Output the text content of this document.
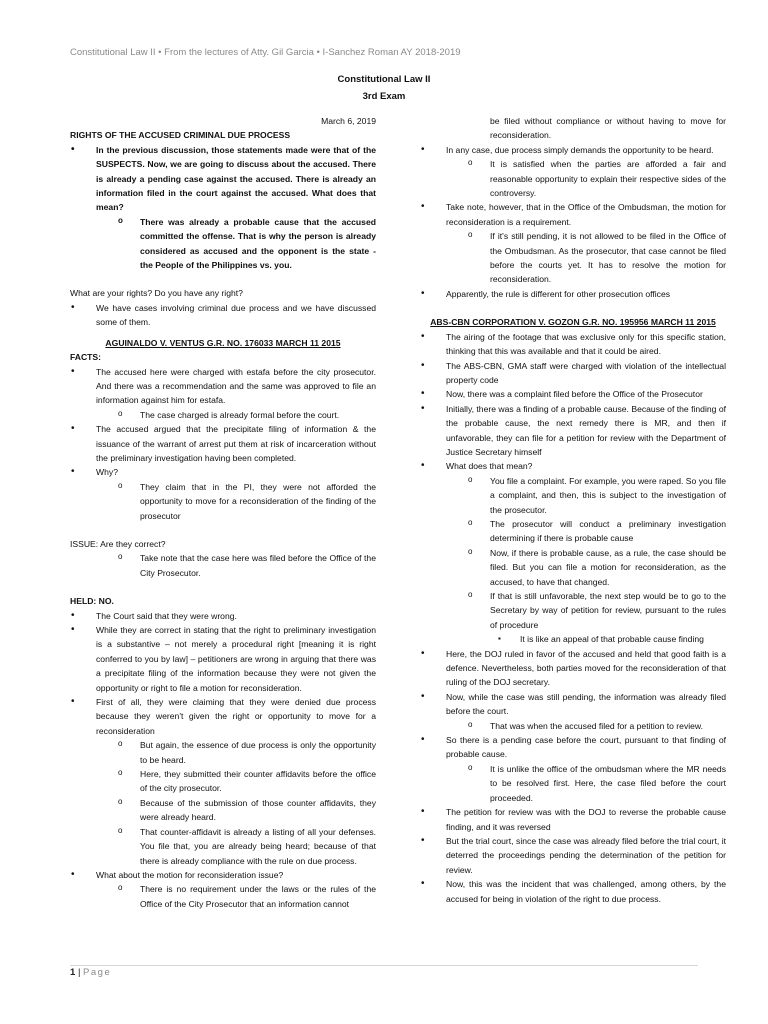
Constitutional Law II • From the lectures of Atty. Gil Garcia • I-Sanchez Roman AY 2018-2019
Constitutional Law II
3rd Exam

March 6, 2019

RIGHTS OF THE ACCUSED CRIMINAL DUE PROCESS

• In the previous discussion, those statements made were that of the SUSPECTS. Now, we are going to discuss about the accused. There is already a pending case against the accused. There is already an information filed in the court against the accused. What does that mean?

o There was already a probable cause that the accused committed the offense. That is why the person is already considered as accused and the opponent is the state - the People of the Philippines vs. you.

What are your rights? Do you have any right?

• We have cases involving criminal due process and we have discussed some of them.

AGUINALDO V. VENTUS G.R. NO. 176033 MARCH 11 2015

FACTS:

• The accused here were charged with estafa before the city prosecutor. And there was a recommendation and the same was approved to file an information against him for estafa.

o The case charged is already formal before the court.

• The accused argued that the precipitate filing of information & the issuance of the warrant of arrest put them at risk of incarceration without the preliminary investigation having been completed.

• Why?

o They claim that in the PI, they were not afforded the opportunity to move for a reconsideration of the finding of the prosecutor

ISSUE: Are they correct?

o Take note that the case here was filed before the Office of the City Prosecutor.

HELD: NO.

• The Court said that they were wrong.

• While they are correct in stating that the right to preliminary investigation is a substantive – not merely a procedural right [meaning it is right conferred to you by law] – petitioners are wrong in arguing that there was a precipitate filing of the information because they were not given the opportunity or right to file a motion for reconsideration.

• First of all, they were claiming that they were denied due process because they weren't given the right or opportunity to move for a reconsideration

o But again, the essence of due process is only the opportunity to be heard.

o Here, they submitted their counter affidavits before the office of the city prosecutor.

o Because of the submission of those counter affidavits, they were already heard.

o That counter-affidavit is already a listing of all your defenses. You file that, you are already being heard; because of that there is already compliance with the rule on due process.

• What about the motion for reconsideration issue?

o There is no requirement under the laws or the rules of the Office of the City Prosecutor that an information cannot

be filed without compliance or without having to move for reconsideration.

• In any case, due process simply demands the opportunity to be heard.

o It is satisfied when the parties are afforded a fair and reasonable opportunity to explain their respective sides of the controversy.

• Take note, however, that in the Office of the Ombudsman, the motion for reconsideration is a requirement.

o If it's still pending, it is not allowed to be filed in the Office of the Ombudsman. As the prosecutor, that case cannot be filed before the courts yet. It has to resolve the motion for reconsideration.

• Apparently, the rule is different for other prosecution offices

ABS-CBN CORPORATION V. GOZON G.R. NO. 195956 MARCH 11 2015

• The airing of the footage that was exclusive only for this specific station, thinking that this was available and that it could be aired.

• The ABS-CBN, GMA staff were charged with violation of the intellectual property code

• Now, there was a complaint filed before the Office of the Prosecutor

• Initially, there was a finding of a probable cause. Because of the finding of the probable cause, the next remedy there is MR, and then if unfavorable, they can file for a petition for review with the Department of Justice Secretary himself

• What does that mean?

o You file a complaint. For example, you were raped. So you file a complaint, and then, this is subject to the investigation of the prosecutor.

o The prosecutor will conduct a preliminary investigation determining if there is probable cause

o Now, if there is probable cause, as a rule, the case should be filed. But you can file a motion for reconsideration, as the accused, to have that changed.

o If that is still unfavorable, the next step would be to go to the Secretary by way of petition for review, pursuant to the rules of procedure

▪ It is like an appeal of that probable cause finding

• Here, the DOJ ruled in favor of the accused and held that good faith is a defence. Nevertheless, both parties moved for the reconsideration of that ruling of the DOJ secretary.

• Now, while the case was still pending, the information was already filed before the court.

o That was when the accused filed for a petition to review.

• So there is a pending case before the court, pursuant to that finding of probable cause.

o It is unlike the office of the ombudsman where the MR needs to be resolved first. Here, the case filed before the court proceeded.

• The petition for review was with the DOJ to reverse the probable cause finding, and it was reversed

• But the trial court, since the case was already filed before the trial court, it deterred the proceedings pending the determination of the petition for review.

• Now, this was the incident that was challenged, among others, by the accused for being in violation of the right to due process.

1 | Page
